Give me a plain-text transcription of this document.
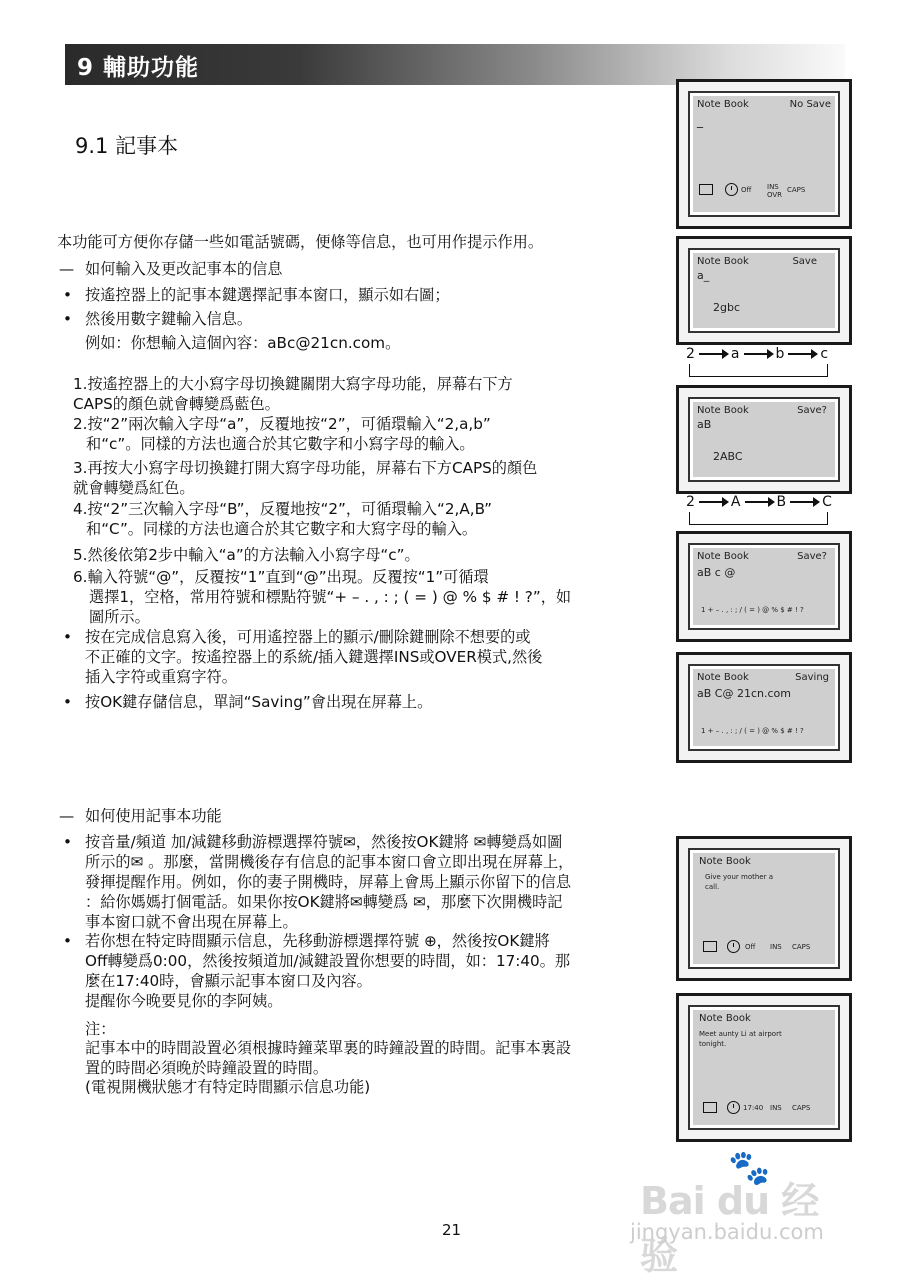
9 輔助功能
9.1 記事本
本功能可方便你存儲一些如電話號碼，便條等信息，也可用作提示作用。
— 如何輸入及更改記事本的信息
• 按遙控器上的記事本鍵選擇記事本窗口，顯示如右圖；
• 然後用數字鍵輸入信息。
例如：你想輸入這個內容：aBc@21cn.com。
1.按遙控器上的大小寫字母切換鍵關閉大寫字母功能，屏幕右下方
CAPS的顏色就會轉變爲藍色。
2.按“2”兩次輸入字母“a”，反覆地按“2”，可循環輸入“2,a,b”
和“c”。同樣的方法也適合於其它數字和小寫字母的輸入。
3.再按大小寫字母切換鍵打開大寫字母功能，屏幕右下方CAPS的顏色
就會轉變爲紅色。
4.按“2”三次輸入字母“B”，反覆地按“2”，可循環輸入“2,A,B”
和“C”。同樣的方法也適合於其它數字和大寫字母的輸入。
5.然後依第2步中輸入“a”的方法輸入小寫字母“c”。
6.輸入符號“@”，反覆按“1”直到“@”出現。反覆按“1”可循環
選擇1，空格，常用符號和標點符號“+ – . , : ; ( = ) @ % $ # ! ?”，如
圖所示。
• 按在完成信息寫入後，可用遙控器上的顯示/刪除鍵刪除不想要的或
不正確的文字。按遙控器上的系統/插入鍵選擇INS或OVER模式,然後
插入字符或重寫字符。
• 按OK鍵存儲信息，單詞“Saving”會出現在屏幕上。
— 如何使用記事本功能
• 按音量/頻道 加/減鍵移動游標選擇符號✉，然後按OK鍵將 ✉轉變爲如圖
所示的✉ 。那麼，當開機後存有信息的記事本窗口會立即出現在屏幕上，
發揮提醒作用。例如，你的妻子開機時，屏幕上會馬上顯示你留下的信息
：給你媽媽打個電話。如果你按OK鍵將✉轉變爲 ✉，那麼下次開機時記
事本窗口就不會出現在屏幕上。
• 若你想在特定時間顯示信息，先移動游標選擇符號 ⊕，然後按OK鍵將
Off轉變爲0:00，然後按頻道加/減鍵設置你想要的時間，如：17:40。那
麼在17:40時，會顯示記事本窗口及內容。
提醒你今晚要見你的李阿姨。
注：
記事本中的時間設置必須根據時鐘菜單裏的時鐘設置的時間。記事本裏設
置的時間必須晚於時鐘設置的時間。
(電視開機狀態才有特定時間顯示信息功能)
Note Book	No Save
_
Off INS
OVR
CAPS
Note Book	Save
a_
2gbc
2	a	b	c
Note Book	Save?
aB
2ABC
2	A	B	C
Note Book	Save?
aB c @
1 + – . , : ; / ( = ) @ % $ # ! ?
Note Book	Saving
aB C@ 21cn.com
1 + – . , : ; / ( = ) @ % $ # ! ?
Note Book
Give your mother a
call.
Off INS CAPS
Note Book
Meet aunty Li at airport
tonight.
17:40 INS CAPS
21
🐾
Bai du 经验
jingyan.baidu.com
